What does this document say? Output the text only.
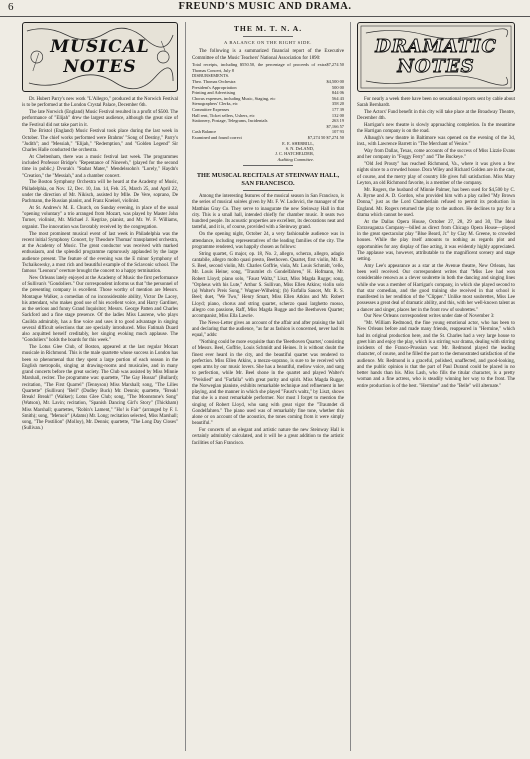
6	FREUND'S MUSIC AND DRAMA.
MUSICAL NOTES

Dr. Hubert Parry's new work "L'Allegro," produced at the Norwich Festival is to be performed at the London Crystal Palace, December 6th.

The late Norwich (England) Music Festival resulted in a profit of $500. The performance of "Elijah" drew the largest audience, although the great size of the Festival did not take part in it.

The Bristol (England) Music Festival took place during the last week in October. The chief works performed were Brahms' "Song of Destiny," Parry's "Judith"; and "Messiah," "Elijah," "Redemption," and "Golden Legend" Sir Charles Halle conducted the orchestra.

At Cheltenham, there was a music festival last week. The programmes included Professor Bridge's "Repentance of Nineveh," (played for the second time in public,) Dvorak's "Stabat Mater," Mendelssohn's "Lorely," Haydn's "Creation," the "Messiah," and a chamber concert.

The Boston Symphony Orchestra will be heard at the Academy of Music, Philadelphia, on Nov. 12, Dec. 10, Jan. 14, Feb. 25, March 25, and April 22, under the direction of Mr. Nikisch, assisted by Mlle. De Vere, soprano, De Pachmann, the Russian pianist, and Franz Kneisel, violinist.

At St. Andrew's M. E. Church, on Sunday evening, in place of the usual "opening voluntary" a trio arranged from Mozart, was played by Master John Turner, violinist, Mr. Michael J. Kegrize, pianist, and Mr. W. F. Williams, organist. The innovation was favorably received by the congregation.

The most prominent musical event of last week in Philadelphia was the recent initial Symphony Concert, by Theodore Thomas' transplanted orchestra, at the Academy of Music. The great conductor was received with marked enthusiasm, and the splendid programme rapturously applauded by the large audience present. The feature of the evening was the E minor Symphony of Tschaikowsky, a most rich and beautiful example of the Sclavonic school. The famous "Leonora" overture brought the concert to a happy termination.

New Orleans lately enjoyed at the Academy of Music the first performance of Sullivan's "Gondoliers." Our correspondent informs us that "the personnel of the presenting company is excellent. Those worthy of mention are Messrs. Montague Walker, a comedian of no inconsiderable ability, Victor De Lacey, his attendant, who makes good use of his excellent voice, and Harry Gardiner, as the serious and funny Grand Inquisitor; Messrs. George Patten and Charles Sackford and a fine stage presence. Of the ladies Miss Laurene, who plays Casilda admirably, has a fine voice and uses it to good advantage in singing several difficult selections that are specially introduced. Miss Fatimah Duard also acquitted herself creditably, her singing evoking much applause. The "Gondoliers" holds the boards for this week."

The Lotus Glee Club, of Boston, appeared at the last regular Mozart musicale in Richmond. This is the male quartette whose success in London has been so phenomenal that they spent a large portion of each season in the English metropolis, singing at drawing-rooms and musicales, and in many grand concerts before the great society. The Club was assisted by Miss Minnie Marshall, reciter. The programme was: quartette, "The Gay Hussar" (Bullard); recitation, "The First Quarrel" (Tennyson) Miss Marshall; song, "The Lilies Quartette" (Sullivan) "Bell" (Dudley Buck) Mr. Dennis; quartette, "Break! Break! Break!" (Walker); Lotus Glee Club; song, "The Moonstone's Song" (Watson), Mr. Lavin; recitation, "Spanish Dancing Girl's Story" (Thickham) Miss Marshall; quartettes, "Robin's Lament," "Ho! is Fair" (arranged by F. I. Smith); song, "Memoir" (Adams) Mr. Long; recitation selected, Miss Marshall; song, "The Postilion" (Molloy), Mr. Dennis; quartette, "The Long Day Closes" (Sullivan.)

THE M. T. N. A.
A BALANCE ON THE RIGHT SIDE.

The following is a summarized financial report of the Executive Committee of the Music Teachers' National Association for 1890:

Total receipts, including $550.50, the percentage of proceeds of extra Thomas Concert, July 8
$7,274 50
DISBURSEMENTS.
Theo. Thomas Orchestra	$4,500 00
President's Appropriation	500 00
Printing and Advertising	844 06
Chorus expenses, including Music, Staging, etc	564 43
Stenographers' Clerks, etc	358 20
Committee Expenses	177 39
Hall rent, Ticket sellers, Ushers, etc	132 00
Stationery, Postage, Telegrams, Incidentals	263 19
$7,166 57
Cash Balance	107 93
Examined and found correct	$7,274 50 $7,274 50
E. E. SHERRILL,
S. N. DeLAND,
J. C. HATCHELDER,
Auditing Committee.
THE MUSICAL RECITALS AT STEINWAY HALL, SAN FRANCISCO.

Among the interesting features of the musical season in San Francisco, is the series of musical soirées given by Mr. F. W. Ludovici, the manager of the Matthias Gray Co. They serve to inaugurate the new Steinway Hall in that city. This is a small hall, intended chiefly for chamber music. It seats two hundred people. Its acoustic properties are excellent, its decorations neat and tasteful, and it is, of course, provided with a Steinway grand.

On the opening night, October 24, a very fashionable audience was in attendance, including representatives of the leading families of the city. The programme rendered, was happily chosen as follows:

String quartet, G major, op. 18, No. 2, allegro, scherzo, allegro, adagio cantabile, allegro molto quasi presto, Beethoven. Quartet, first violin, Mr. R. S. Beel, second violin, Mr. Charles Goffrie, viola, Mr. Louis Schmidt, 'cello, Mr. Louis Heine; song, "Traumlet ch Gondelfahren," H. Hofmann, Mr. Robert Lloyd; piano solo, "Faust Waltz," Liszt, Miss Magda Rugge; song, "Orpheus with his Lute," Arthur S. Sullivan, Miss Ellen Atkins; violin solo (a) Walter's Preis Song," Wagner-Wilhelmj; (b) Farfalla Saucet, Mr. R. S. Beel; duet, "We Two," Henry Smart, Miss Ellen Atkins and Mr. Robert Lloyd; piano, chorus and string quartet, scherzo quasi larghetto mosso, allegro con passione, Raff, Miss Magda Rugge and the Beethoven Quartet; accompanist, Miss Ella Lawrie.

The News-Letter gives an account of the affair and after praising the hall and declaring that the audience, "as far as fashion is concerned, never had its equal," adds:

"Nothing could be more exquisite than the 'Beethoven Quartet,' consisting of Messrs. Beel, Goffrie, Louis Schmidt and Heines. It is without doubt the finest ever heard in the city, and the beautiful quartet was rendered to perfection. Miss Ellen Atkins, a mezzo-soprano, is sure to be received with open arms by our music lovers. She has a beautiful, mellow voice, and sang to perfection, while Mr. Beel shone in the quartet and played Walter's "Preislied" and "Farfalla" with great purity and spirit. Miss Magda Rugge, the Norwegian pianiste, exhibits remarkable technique and refinement in her playing, and the manner in which she played "Faust's waltz," by Liszt, shows that she is a most remarkable performer. Nor must I forget to mention the singing of Robert Lloyd, who sang with great vigor the "Traumdet di Gondelfahren." The piano used was of remarkably fine tone, whether this alone or on account of the acoustics, the tones coming from it were simply beautiful."

For concerts of an elegant and artistic nature the new Steinway Hall is certainly admirably calculated, and it will be a great addition to the artistic facilities of San Francisco.

DRAMATIC NOTES

For nearly a week there have been no sensational reports sent by cable about Sarah Bernhardt.

The Actors' Fund benefit in this city will take place at the Broadway Theatre, December 4th.

Harrigan's new theatre is slowly approaching completion. In the meantime the Harrigan company is on the road.

Albaugh's new theatre in Baltimore was opened on the evening of the 3d, inst., with Lawrence Barrett in "The Merchant of Venice."

Way from Dallas, Texas, come accounts of the success of Miss Lizzie Evans and her company in "Foggy Ferry" and "The Buckeye."

"Old Jed Prouty" has reached Richmond, Va., where it was given a few nights since to a crowded house. Dora Wiley and Richard Golden are in the cast, of course, and the merry play of country life gives full satisfaction. Miss Mary Leyton, an old Richmond favorite, is a member of the company.

Mr. Rogers, the husband of Minnie Palmer, has been sued for $4,500 by C. A. Byrne and A. D. Gordon, who provided him with a play called "My Brown Donna," just as the Lord Chamberlain refused to permit its production in England. Mr. Rogers returned the play to the authors. He declines to pay for a drama which cannot be used.

At the Dallas Opera House, October 27, 28, 29 and 30, The Ideal Extravaganza Company—billed as direct from Chicago Opera House—played in the great spectacular play "Blue Beard, Jr." by Clay M. Greene, to crowded houses. While the play itself amounts to nothing as regards plot and opportunities for any display of fine acting, it was evidently highly appreciated. The applause was, however, attributable to the magnificent scenery and stage setting.

Amy Lee's appearance as a star at the Avenue theatre, New Orleans, has been well received. Our correspondent writes that "Miss Lee had won considerable renown as a clever soubrette in both the dancing and singing lines while she was a member of Harrigan's company, in which she played second to that star comedian, and the good training she received in that school is manifested in her rendition of the "Clipper." Unlike most soubrettes, Miss Lee possesses a great deal of dramatic ability, and this, with her well-known talent as a dancer and singer, places her in the front row of soubrettes."

Our New Orleans correspondent writes under date of November 3:

"Mr. William Redmond, the fine young emotional actor, who has been to New Orleans before and made many friends, reappeared in "Hermine," which had its original production here, and the St. Charles had a very large house to greet him and enjoy the play, which is a stirring war drama, dealing with stirring incidents of the Franco-Prussian war. Mr. Redmond played the leading character, of course, and he filled the part to the demonstrated satisfaction of the audience. Mr. Redmond is a graceful, polished, unaffected, and good-looking, and the public opinion is that the part of Paul Durand could be placed in no better hands than his. Miss Lash, who fills the titular character, is a pretty woman and a fine actress, who is steadily winning her way to the front. The entire production is of the best. "Hermine" and the "Belle" will alternate."
